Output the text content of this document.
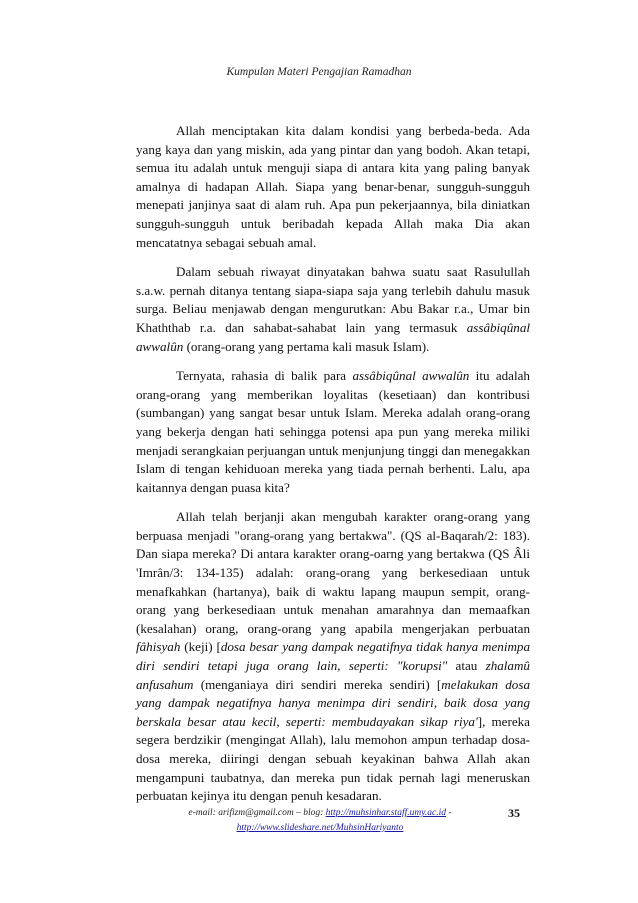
Kumpulan Materi Pengajian Ramadhan

Allah menciptakan kita dalam kondisi yang berbeda-beda. Ada yang kaya dan yang miskin, ada yang pintar dan yang bodoh. Akan tetapi, semua itu adalah untuk menguji siapa di antara kita yang paling banyak amalnya di hadapan Allah. Siapa yang benar-benar, sungguh-sungguh menepati janjinya saat di alam ruh. Apa pun pekerjaannya, bila diniatkan sungguh-sungguh untuk beribadah kepada Allah maka Dia akan mencatatnya sebagai sebuah amal.

Dalam sebuah riwayat dinyatakan bahwa suatu saat Rasulullah s.a.w. pernah ditanya tentang siapa-siapa saja yang terlebih dahulu masuk surga. Beliau menjawab dengan mengurutkan: Abu Bakar r.a., Umar bin Khaththab r.a. dan sahabat-sahabat lain yang termasuk assâbiqûnal awwalûn (orang-orang yang pertama kali masuk Islam).

Ternyata, rahasia di balik para assâbiqûnal awwalûn itu adalah orang-orang yang memberikan loyalitas (kesetiaan) dan kontribusi (sumbangan) yang sangat besar untuk Islam. Mereka adalah orang-orang yang bekerja dengan hati sehingga potensi apa pun yang mereka miliki menjadi serangkaian perjuangan untuk menjunjung tinggi dan menegakkan Islam di tengan kehiduoan mereka yang tiada pernah berhenti. Lalu, apa kaitannya dengan puasa kita?

Allah telah berjanji akan mengubah karakter orang-orang yang berpuasa menjadi "orang-orang yang bertakwa". (QS al-Baqarah/2: 183). Dan siapa mereka? Di antara karakter orang-oarng yang bertakwa (QS Âli 'Imrân/3: 134-135) adalah: orang-orang yang berkesediaan untuk menafkahkan (hartanya), baik di waktu lapang maupun sempit, orang-orang yang berkesediaan untuk menahan amarahnya dan memaafkan (kesalahan) orang, orang-orang yang apabila mengerjakan perbuatan fâhisyah (keji) [dosa besar yang dampak negatifnya tidak hanya menimpa diri sendiri tetapi juga orang lain, seperti: "korupsi" atau zhalamû anfusahum (menganiaya diri sendiri mereka sendiri) [melakukan dosa yang dampak negatifnya hanya menimpa diri sendiri, baik dosa yang berskala besar atau kecil, seperti: membudayakan sikap riya'], mereka segera berdzikir (mengingat Allah), lalu memohon ampun terhadap dosa-dosa mereka, diiringi dengan sebuah keyakinan bahwa Allah akan mengampuni taubatnya, dan mereka pun tidak pernah lagi meneruskan perbuatan kejinya itu dengan penuh kesadaran.

e-mail: arifizm@gmail.com – blog: http://muhsinhar.staff.umy.ac.id -
http://www.slideshare.net/MuhsinHariyanto
35
